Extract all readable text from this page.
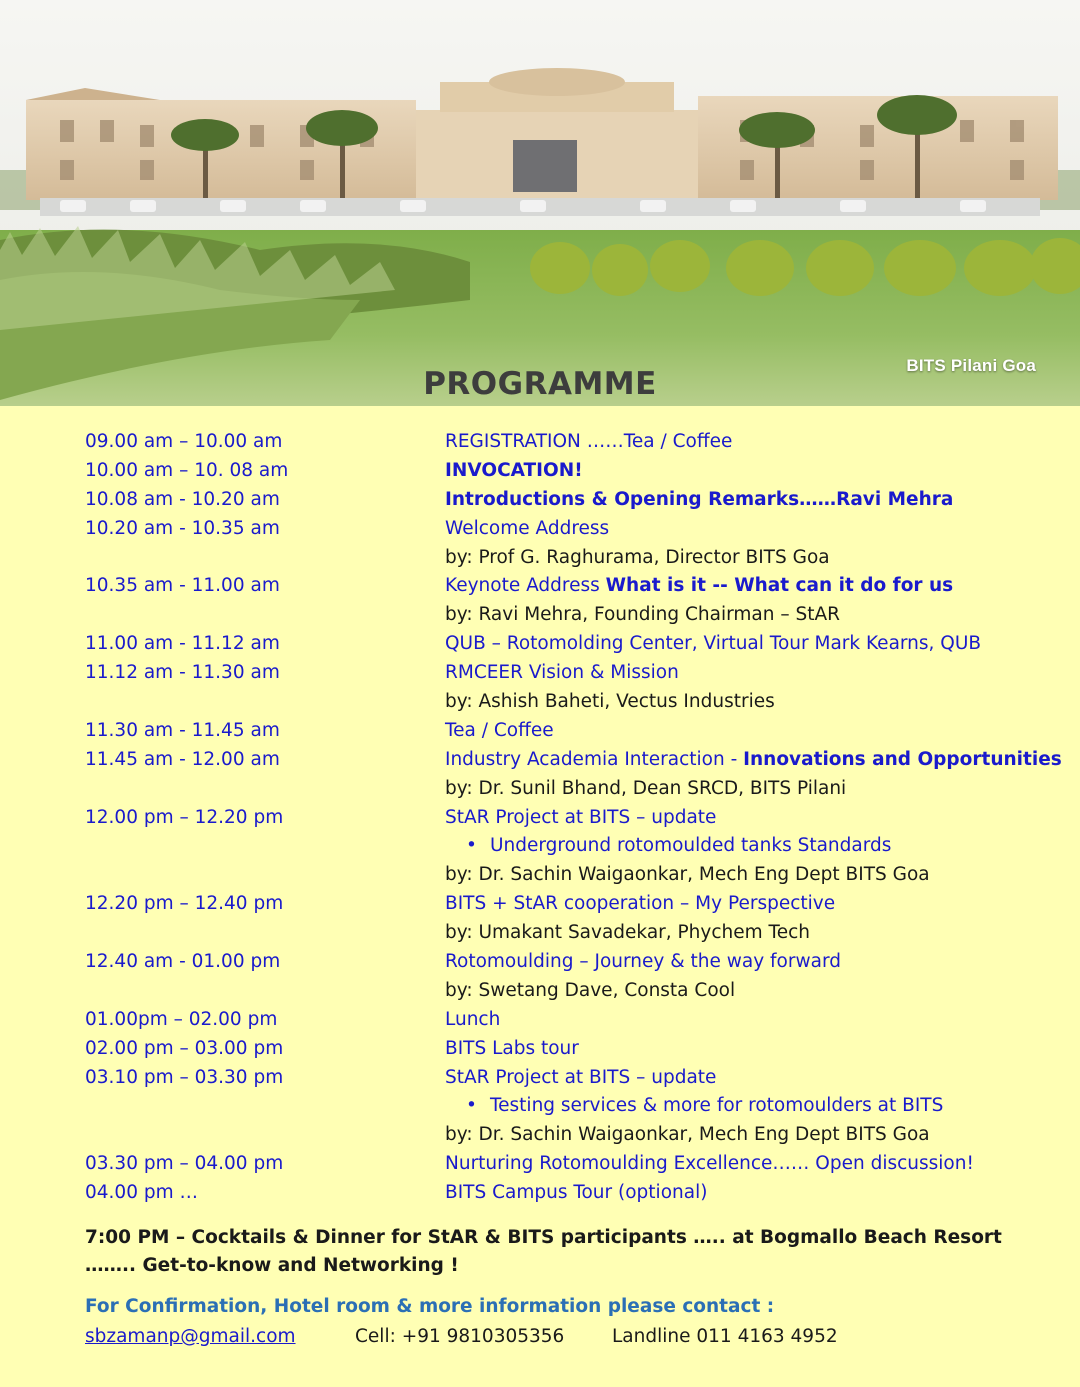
BITS Pilani Goa
PROGRAMME
09.00 am – 10.00 am	REGISTRATION ……Tea / Coffee
10.00 am – 10. 08 am	INVOCATION!
10.08 am - 10.20 am	Introductions & Opening Remarks……Ravi Mehra
10.20 am - 10.35 am	Welcome Address
by: Prof G. Raghurama, Director BITS Goa
10.35 am - 11.00 am	Keynote Address What is it -- What can it do for us
by: Ravi Mehra, Founding Chairman – StAR
11.00 am - 11.12 am	QUB – Rotomolding Center, Virtual Tour Mark Kearns, QUB
11.12 am - 11.30 am	RMCEER Vision & Mission
by: Ashish Baheti, Vectus Industries
11.30 am - 11.45 am	Tea / Coffee
11.45 am - 12.00 am	Industry Academia Interaction - Innovations and Opportunities
by: Dr. Sunil Bhand, Dean SRCD, BITS Pilani
12.00 pm – 12.20 pm	StAR Project at BITS – update
• Underground rotomoulded tanks Standards
by: Dr. Sachin Waigaonkar, Mech Eng Dept BITS Goa
12.20 pm – 12.40 pm	BITS + StAR cooperation – My Perspective
by: Umakant Savadekar, Phychem Tech
12.40 am - 01.00 pm	Rotomoulding – Journey & the way forward
by: Swetang Dave, Consta Cool
01.00pm – 02.00 pm	Lunch
02.00 pm – 03.00 pm	BITS Labs tour
03.10 pm – 03.30 pm	StAR Project at BITS – update
• Testing services & more for rotomoulders at BITS
by: Dr. Sachin Waigaonkar, Mech Eng Dept BITS Goa
03.30 pm – 04.00 pm	Nurturing Rotomoulding Excellence…… Open discussion!
04.00 pm …	BITS Campus Tour (optional)
7:00 PM – Cocktails & Dinner for StAR & BITS participants ….. at Bogmallo Beach Resort
…….. Get-to-know and Networking !
For Confirmation, Hotel room & more information please contact :
sbzamanp@gmail.com	Cell: +91 9810305356	Landline 011 4163 4952
